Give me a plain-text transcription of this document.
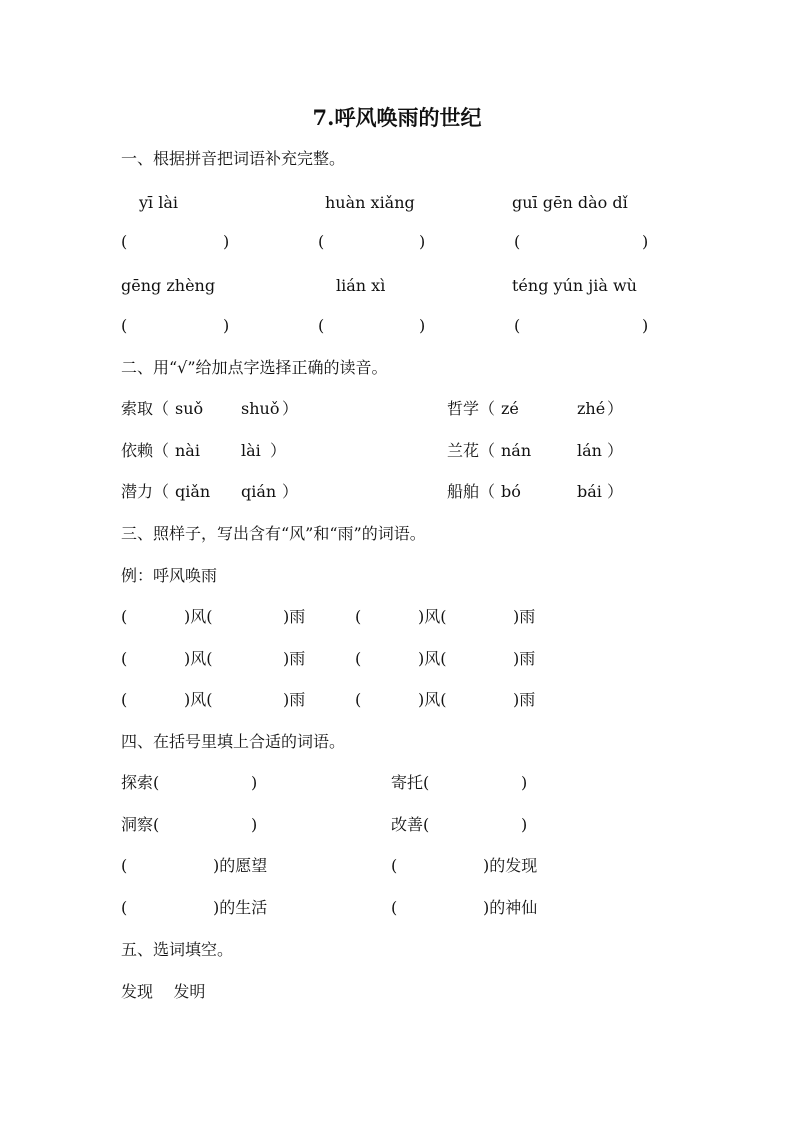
7.呼风唤雨的世纪
一、根据拼音把词语补充完整。
yī lài	huàn xiǎng	guī gēn dào dǐ
(	)	(	)	(	)
gēng zhèng	lián xì	téng yún jià wù
(	)	(	)	(	)
二、用“√”给加点字选择正确的读音。
索取 （ suǒ shuǒ ）	哲学 （ zé	zhé ）
依赖 （ nài	lài ）	兰花 （ nán	lán ）
潜力 （ qiǎn qián ）	船舶 （ bó	bái ）
三、照样子，写出含有“风”和“雨”的词语。
例：呼风唤雨
(	)风(	)雨	(	)风(	)雨
(	)风(	)雨	(	)风(	)雨
(	)风(	)雨	(	)风(	)雨
四、在括号里填上合适的词语。
探索(	)	寄托(	)
洞察(	)	改善(	)
(	)的愿望	(	)的发现
(	)的生活	(	)的神仙
五、选词填空。
发现    发明
